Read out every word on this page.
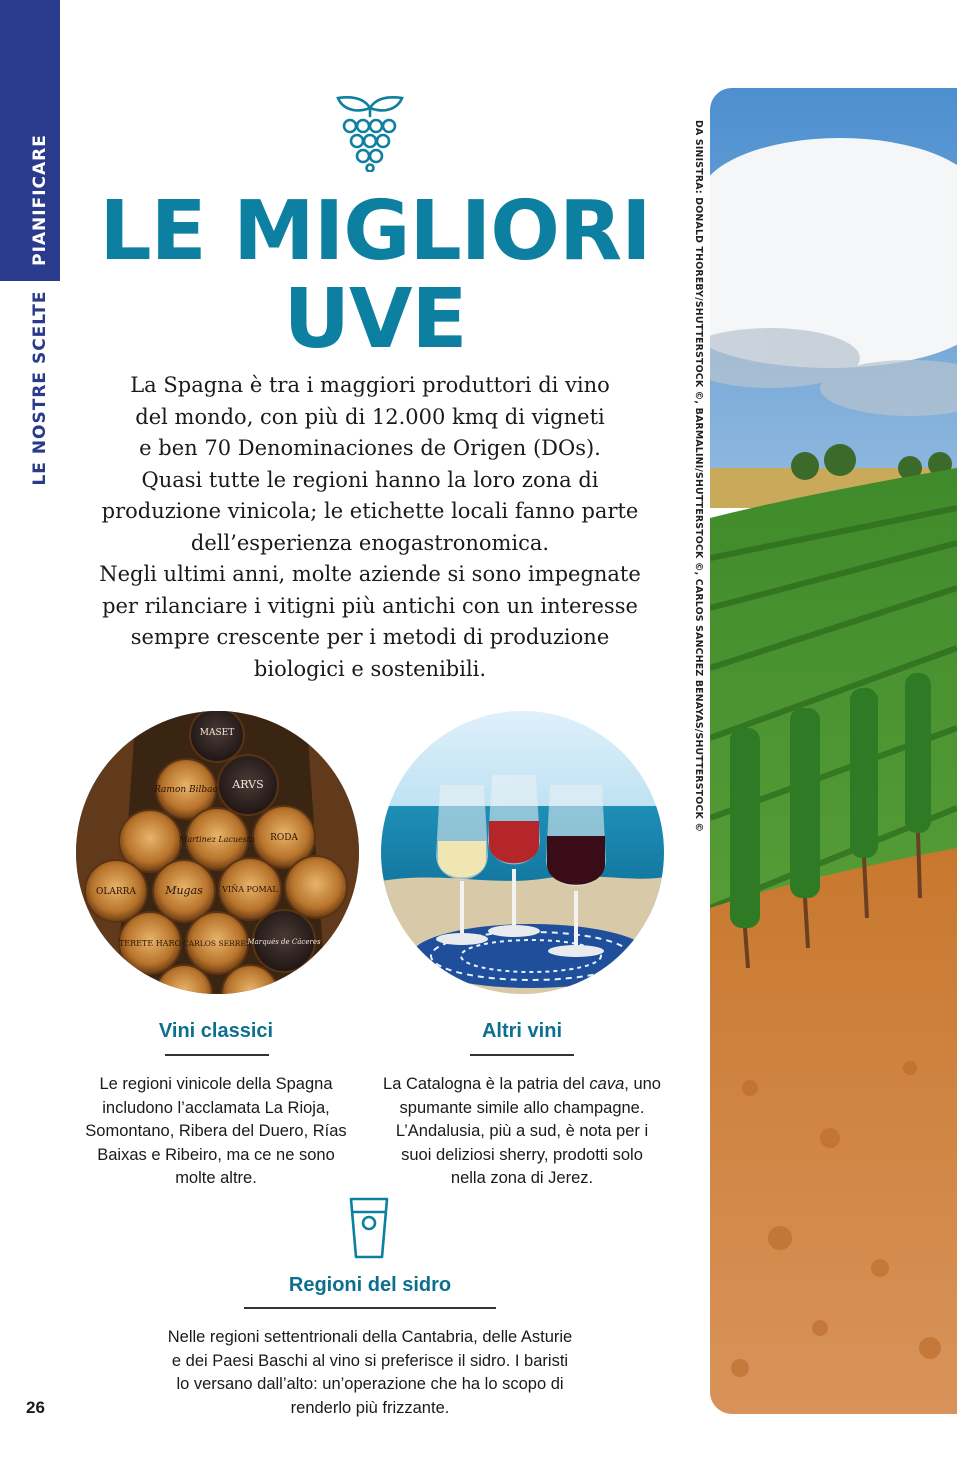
PIANIFICARE
LE NOSTRE SCELTE
26
LE MIGLIORI
UVE
La Spagna è tra i maggiori produttori di vino
del mondo, con più di 12.000 kmq di vigneti
e ben 70 Denominaciones de Origen (DOs).
Quasi tutte le regioni hanno la loro zona di
produzione vinicola; le etichette locali fanno parte
dell’esperienza enogastronomica.
Negli ultimi anni, molte aziende si sono impegnate
per rilanciare i vitigni più antichi con un interesse
sempre crescente per i metodi di produzione
biologici e sostenibili.
MASET
ARVS
Ramon Bilbao
Martinez Lacuesta RODA
OLARRA	Mugas VIÑA POMAL
TERETE HARO CARLOS SERRES
Marqués de Cáceres
Vini classici
Le regioni vinicole della Spagna
includono l’acclamata La Rioja,
Somontano, Ribera del Duero, Rías
Baixas e Ribeiro, ma ce ne sono
molte altre.
Altri vini
La Catalogna è la patria del cava, uno
spumante simile allo champagne.
L’Andalusia, più a sud, è nota per i
suoi deliziosi sherry, prodotti solo
nella zona di Jerez.
Regioni del sidro
Nelle regioni settentrionali della Cantabria, delle Asturie
e dei Paesi Baschi al vino si preferisce il sidro. I baristi
lo versano dall’alto: un’operazione che ha lo scopo di
renderlo più frizzante.
DA SINISTRA: DONALD THOREBY/SHUTTERSTOCK ©, BARMALINI/SHUTTERSTOCK ©, CARLOS SANCHEZ BENAYAS/SHUTTERSTOCK ©
